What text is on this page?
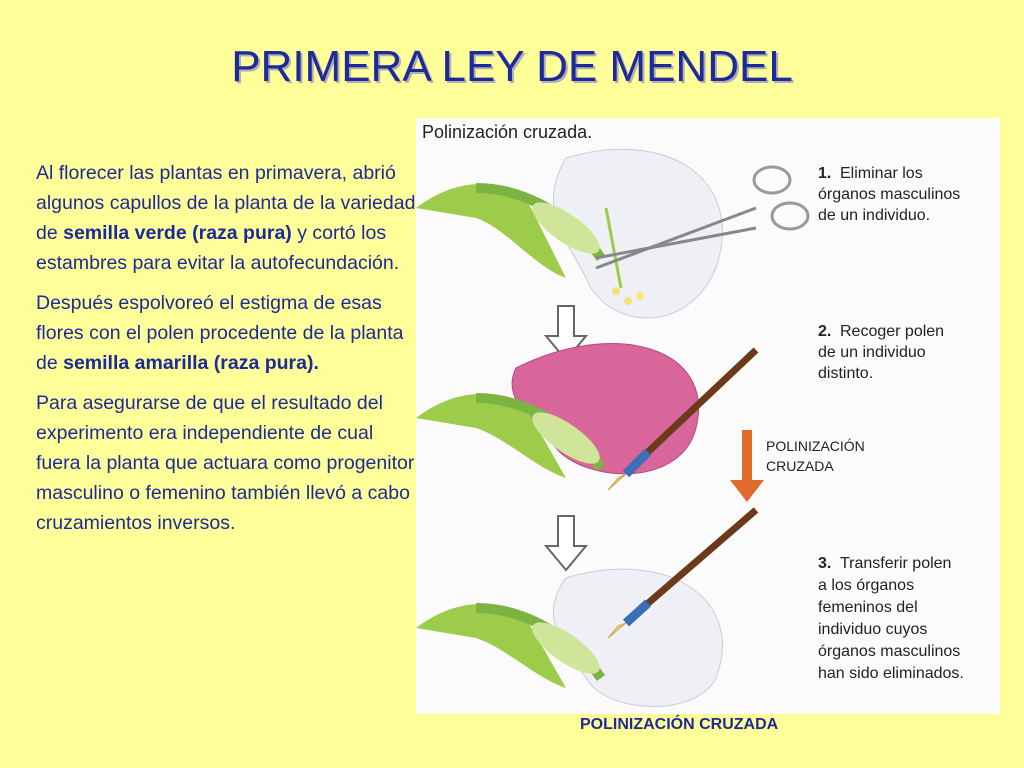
PRIMERA LEY DE MENDEL

Al florecer las plantas en primavera, abrió algunos capullos de la planta de la variedad de semilla verde (raza pura) y cortó los estambres para evitar la autofecundación.

Después espolvoreó el estigma de esas flores con el polen procedente de la planta de semilla amarilla (raza pura).

Para asegurarse de que el resultado del experimento era independiente de cual fuera la planta que actuara como progenitor masculino o femenino también llevó a cabo cruzamientos inversos.

Polinización cruzada.
1. Eliminar los órganos masculinos de un individuo.
2. Recoger polen de un individuo distinto.
POLINIZACIÓN CRUZADA
3. Transferir polen a los órganos femeninos del individuo cuyos órganos masculinos han sido eliminados.
POLINIZACIÓN CRUZADA
